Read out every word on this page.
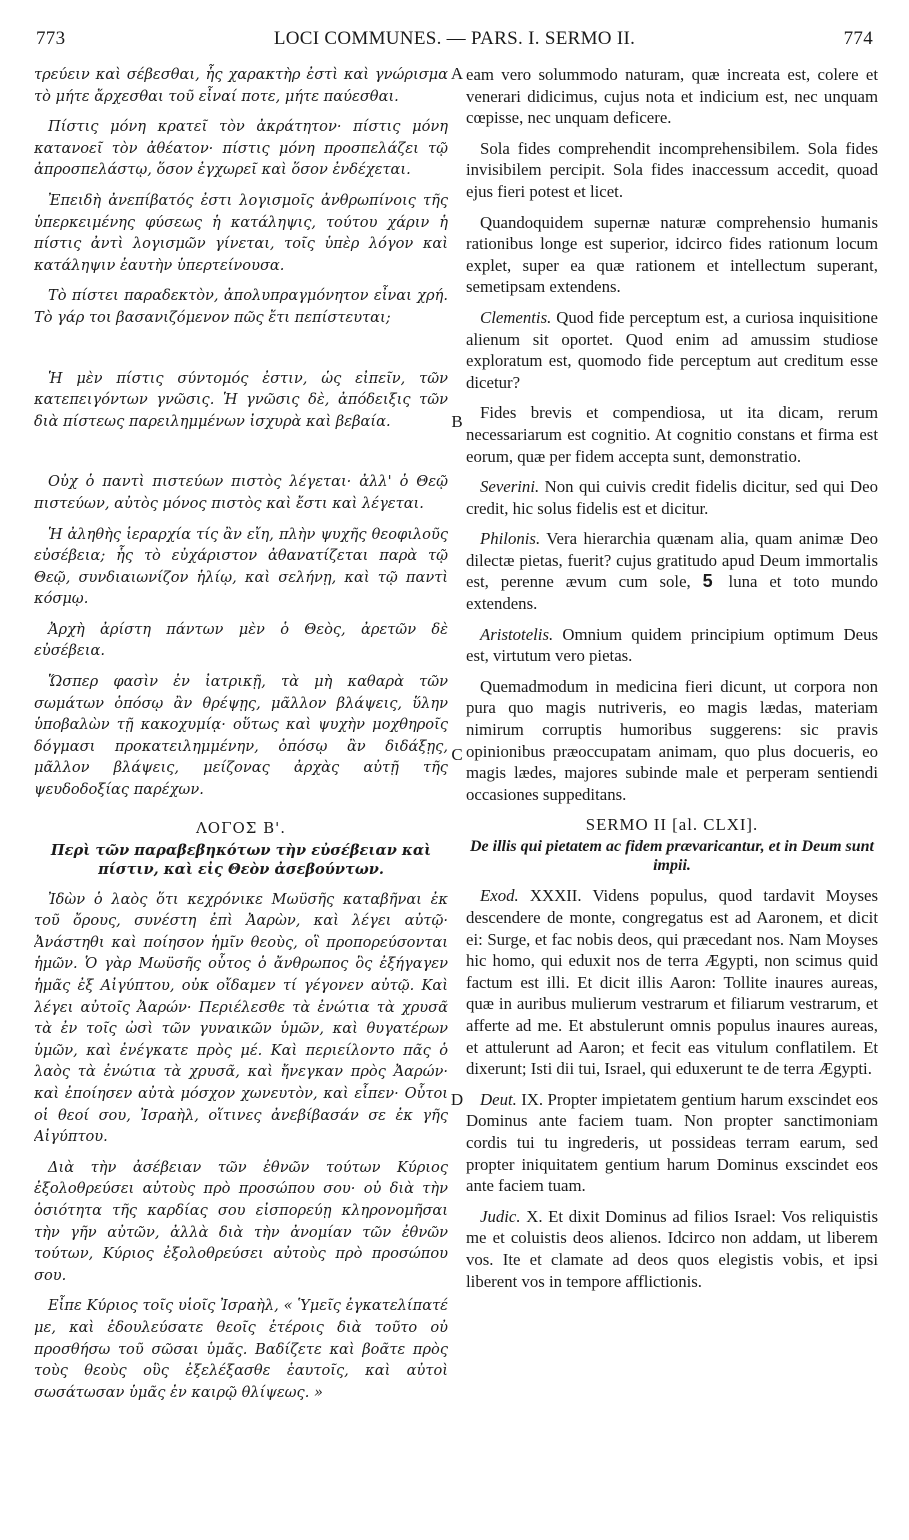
773	LOCI COMMUNES. — PARS. I. SERMO II.	774
A
B
C
D

τρεύειν καὶ σέβεσθαι, ἧς χαρακτὴρ ἐστὶ καὶ γνώρισμα τὸ μήτε ἄρχεσθαι τοῦ εἶναί ποτε, μήτε παύεσθαι.

Πίστις μόνη κρατεῖ τὸν ἀκράτητον· πίστις μόνη κατανοεῖ τὸν ἀθέατον· πίστις μόνη προσπελάζει τῷ ἀπροσπελάστῳ, ὅσον ἐγχωρεῖ καὶ ὅσον ἐνδέχεται.

Ἐπειδὴ ἀνεπίβατός ἐστι λογισμοῖς ἀνθρωπίνοις τῆς ὑπερκειμένης φύσεως ἡ κατάληψις, τούτου χάριν ἡ πίστις ἀντὶ λογισμῶν γίνεται, τοῖς ὑπὲρ λόγον καὶ κατάληψιν ἑαυτὴν ὑπερτείνουσα.

Τὸ πίστει παραδεκτὸν, ἀπολυπραγμόνητον εἶναι χρή. Τὸ γάρ τοι βασανιζόμενον πῶς ἔτι πεπίστευται;

Ἡ μὲν πίστις σύντομός ἐστιν, ὡς εἰπεῖν, τῶν κατεπειγόντων γνῶσις. Ἡ γνῶσις δὲ, ἀπόδειξις τῶν διὰ πίστεως παρειλημμένων ἰσχυρὰ καὶ βεβαία.

Οὐχ ὁ παντὶ πιστεύων πιστὸς λέγεται· ἀλλ' ὁ Θεῷ πιστεύων, αὐτὸς μόνος πιστὸς καὶ ἔστι καὶ λέγεται.

Ἡ ἀληθὴς ἱεραρχία τίς ἂν εἴη, πλὴν ψυχῆς θεοφιλοῦς εὐσέβεια; ἧς τὸ εὐχάριστον ἀθανατίζεται παρὰ τῷ Θεῷ, συνδιαιωνίζον ἡλίῳ, καὶ σελήνῃ, καὶ τῷ παντὶ κόσμῳ.

Ἀρχὴ ἀρίστη πάντων μὲν ὁ Θεὸς, ἀρετῶν δὲ εὐσέβεια.

Ὥσπερ φασὶν ἐν ἰατρικῇ, τὰ μὴ καθαρὰ τῶν σωμάτων ὁπόσῳ ἂν θρέψῃς, μᾶλλον βλάψεις, ὕλην ὑποβαλὼν τῇ κακοχυμίᾳ· οὕτως καὶ ψυχὴν μοχθηροῖς δόγμασι προκατειλημμένην, ὁπόσῳ ἂν διδάξῃς, μᾶλλον βλάψεις, μείζονας ἀρχὰς αὐτῇ τῆς ψευδοδοξίας παρέχων.

ΛΟΓΟΣ Β'.
Περὶ τῶν παραβεβηκότων τὴν εὐσέβειαν καὶ πίστιν, καὶ εἰς Θεὸν ἀσεβούντων.

Ἰδὼν ὁ λαὸς ὅτι κεχρόνικε Μωϋσῆς καταβῆναι ἐκ τοῦ ὄρους, συνέστη ἐπὶ Ἀαρὼν, καὶ λέγει αὐτῷ· Ἀνάστηθι καὶ ποίησον ἡμῖν θεοὺς, οἳ προπορεύσονται ἡμῶν. Ὁ γὰρ Μωϋσῆς οὗτος ὁ ἄνθρωπος ὃς ἐξήγαγεν ἡμᾶς ἐξ Αἰγύπτου, οὐκ οἴδαμεν τί γέγονεν αὐτῷ. Καὶ λέγει αὐτοῖς Ἀαρών· Περιέλεσθε τὰ ἐνώτια τὰ χρυσᾶ τὰ ἐν τοῖς ὠσὶ τῶν γυναικῶν ὑμῶν, καὶ θυγατέρων ὑμῶν, καὶ ἐνέγκατε πρὸς μέ. Καὶ περιείλοντο πᾶς ὁ λαὸς τὰ ἐνώτια τὰ χρυσᾶ, καὶ ἤνεγκαν πρὸς Ἀαρών· καὶ ἐποίησεν αὐτὰ μόσχον χωνευτὸν, καὶ εἶπεν· Οὗτοι οἱ θεοί σου, Ἰσραὴλ, οἵτινες ἀνεβίβασάν σε ἐκ γῆς Αἰγύπτου.

Διὰ τὴν ἀσέβειαν τῶν ἐθνῶν τούτων Κύριος ἐξολοθρεύσει αὐτοὺς πρὸ προσώπου σου· οὐ διὰ τὴν ὁσιότητα τῆς καρδίας σου εἰσπορεύῃ κληρονομῆσαι τὴν γῆν αὐτῶν, ἀλλὰ διὰ τὴν ἀνομίαν τῶν ἐθνῶν τούτων, Κύριος ἐξολοθρεύσει αὐτοὺς πρὸ προσώπου σου.

Εἶπε Κύριος τοῖς υἱοῖς Ἰσραὴλ, « Ὑμεῖς ἐγκατελίπατέ με, καὶ ἐδουλεύσατε θεοῖς ἑτέροις διὰ τοῦτο οὐ προσθήσω τοῦ σῶσαι ὑμᾶς. Βαδίζετε καὶ βοᾶτε πρὸς τοὺς θεοὺς οὓς ἐξελέξασθε ἑαυτοῖς, καὶ αὐτοὶ σωσάτωσαν ὑμᾶς ἐν καιρῷ θλίψεως. »

eam vero solummodo naturam, quæ increata est, colere et venerari didicimus, cujus nota et indicium est, nec unquam cœpisse, nec unquam deficere.

Sola fides comprehendit incomprehensibilem. Sola fides invisibilem percipit. Sola fides inaccessum accedit, quoad ejus fieri potest et licet.

Quandoquidem supernæ naturæ comprehensio humanis rationibus longe est superior, idcirco fides rationum locum explet, super ea quæ rationem et intellectum superant, semetipsam extendens.

Clementis. Quod fide perceptum est, a curiosa inquisitione alienum sit oportet. Quod enim ad amussim studiose exploratum est, quomodo fide perceptum aut creditum esse dicetur?

Fides brevis et compendiosa, ut ita dicam, rerum necessariarum est cognitio. At cognitio constans et firma est eorum, quæ per fidem accepta sunt, demonstratio.

Severini. Non qui cuivis credit fidelis dicitur, sed qui Deo credit, hic solus fidelis est et dicitur.

Philonis. Vera hierarchia quænam alia, quam animæ Deo dilectæ pietas, fuerit? cujus gratitudo apud Deum immortalis est, perenne ævum cum sole, 5 luna et toto mundo extendens.

Aristotelis. Omnium quidem principium optimum Deus est, virtutum vero pietas.

Quemadmodum in medicina fieri dicunt, ut corpora non pura quo magis nutriveris, eo magis lædas, materiam nimirum corruptis humoribus suggerens: sic pravis opinionibus præoccupatam animam, quo plus docueris, eo magis lædes, majores subinde male et perperam sentiendi occasiones suppeditans.

SERMO II [al. CLXI].
De illis qui pietatem ac fidem prævaricantur, et in Deum sunt impii.

Exod. XXXII. Videns populus, quod tardavit Moyses descendere de monte, congregatus est ad Aaronem, et dicit ei: Surge, et fac nobis deos, qui præcedant nos. Nam Moyses hic homo, qui eduxit nos de terra Ægypti, non scimus quid factum est illi. Et dicit illis Aaron: Tollite inaures aureas, quæ in auribus mulierum vestrarum et filiarum vestrarum, et afferte ad me. Et abstulerunt omnis populus inaures aureas, et attulerunt ad Aaron; et fecit eas vitulum conflatilem. Et dixerunt; Isti dii tui, Israel, qui eduxerunt te de terra Ægypti.

Deut. IX. Propter impietatem gentium harum exscindet eos Dominus ante faciem tuam. Non propter sanctimoniam cordis tui tu ingrederis, ut possideas terram earum, sed propter iniquitatem gentium harum Dominus exscindet eos ante faciem tuam.

Judic. X. Et dixit Dominus ad filios Israel: Vos reliquistis me et coluistis deos alienos. Idcirco non addam, ut liberem vos. Ite et clamate ad deos quos elegistis vobis, et ipsi liberent vos in tempore afflictionis.
